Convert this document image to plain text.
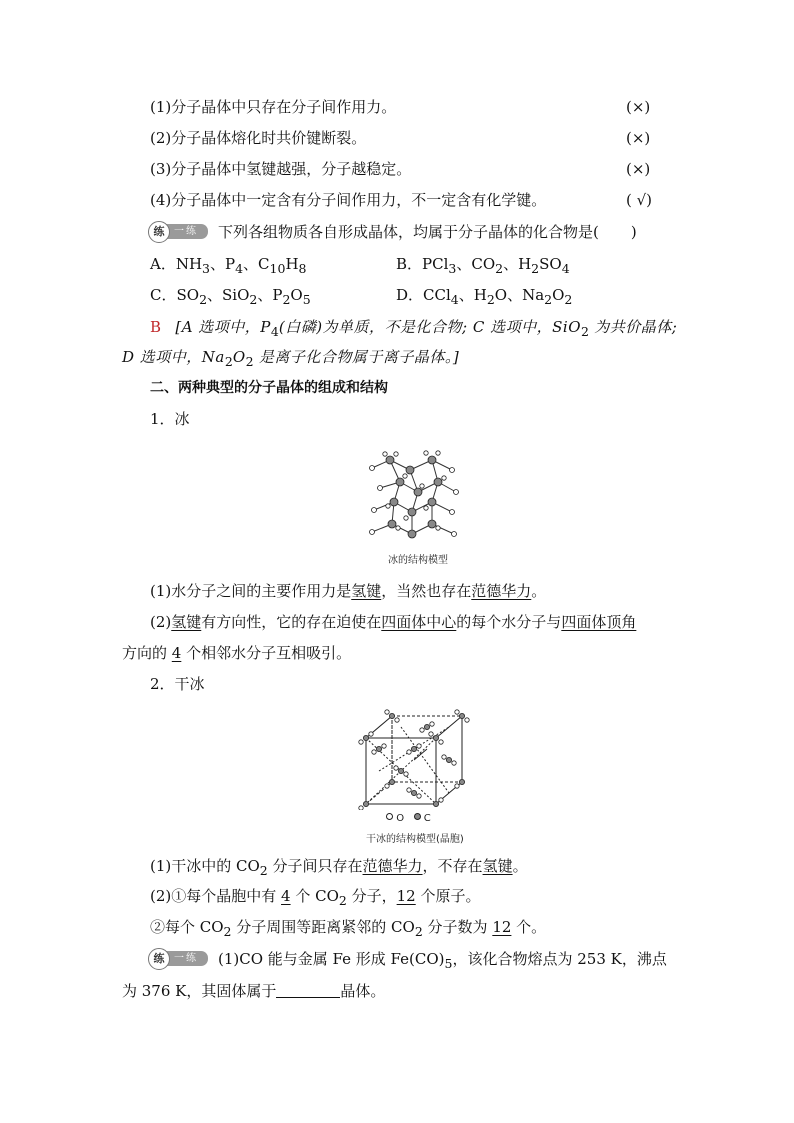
(1)分子晶体中只存在分子间作用力。	(×)
(2)分子晶体熔化时共价键断裂。	(×)
(3)分子晶体中氢键越强，分子越稳定。	(×)
(4)分子晶体中一定含有分子间作用力，不一定含有化学键。	( √)
练 一练 下列各组物质各自形成晶体，均属于分子晶体的化合物是( )
A．$NH_3$、$P_4$、$C_{10}H_8$	B．PCl$_3$、$CO_2$、$H_2SO_4$
C．$SO_2$、SiO$_2$、$P_2O_5$	D．CCl$_4$、$H_2O$、$Na_2O_2$
B [A 选项中，$P_4$(白磷)为单质，不是化合物; C 选项中，SiO$_2$ 为共价晶体;
D 选项中，$Na_2O_2$ 是离子化合物属于离子晶体。]
二、两种典型的分子晶体的组成和结构
1．冰
冰的结构模型
(1)水分子之间的主要作用力是氢键，当然也存在范德华力。
(2)氢键有方向性，它的存在迫使在四面体中心的每个水分子与四面体顶角
方向的 4 个相邻水分子互相吸引。
2．干冰
O C
干冰的结构模型(晶胞)
(1)干冰中的 $CO_2$ 分子间只存在范德华力，不存在氢键。
(2)①每个晶胞中有 4 个 $CO_2$ 分子，12 个原子。
②每个 $CO_2$ 分子周围等距离紧邻的 $CO_2$ 分子数为 12 个。
练 一练 (1)CO 能与金属 Fe 形成 $Fe(CO)_5$，该化合物熔点为 253 K，沸点
为 376 K，其固体属于	晶体。
